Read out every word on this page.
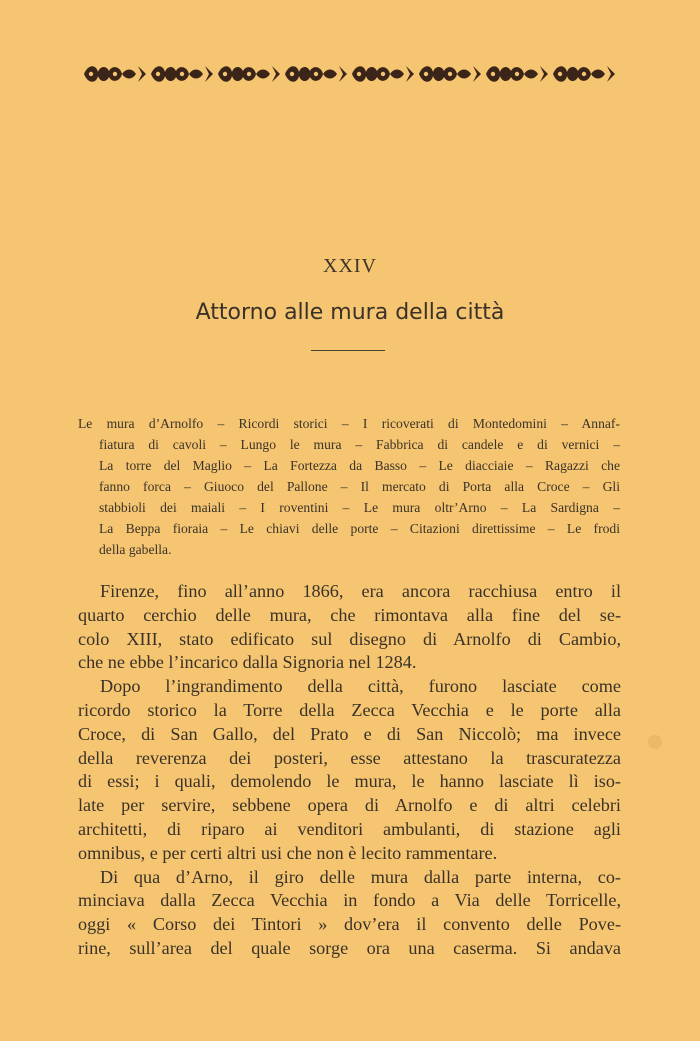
XXIV
Attorno alle mura della città
Le mura d’Arnolfo – Ricordi storici – I ricoverati di Montedomini – Annaf-
fiatura di cavoli – Lungo le mura – Fabbrica di candele e di vernici –
La torre del Maglio – La Fortezza da Basso – Le diacciaie – Ragazzi che
fanno forca – Giuoco del Pallone – Il mercato di Porta alla Croce – Gli
stabbioli dei maiali – I roventini – Le mura oltr’Arno – La Sardigna –
La Beppa fioraia – Le chiavi delle porte – Citazioni direttissime – Le frodi
della gabella.
Firenze, fino all’anno 1866, era ancora racchiusa entro il
quarto cerchio delle mura, che rimontava alla fine del se-
colo XIII, stato edificato sul disegno di Arnolfo di Cambio,
che ne ebbe l’incarico dalla Signoria nel 1284.
Dopo l’ingrandimento della città, furono lasciate come
ricordo storico la Torre della Zecca Vecchia e le porte alla
Croce, di San Gallo, del Prato e di San Niccolò; ma invece
della reverenza dei posteri, esse attestano la trascuratezza
di essi; i quali, demolendo le mura, le hanno lasciate lì iso-
late per servire, sebbene opera di Arnolfo e di altri celebri
architetti, di riparo ai venditori ambulanti, di stazione agli
omnibus, e per certi altri usi che non è lecito rammentare.
Di qua d’Arno, il giro delle mura dalla parte interna, co-
minciava dalla Zecca Vecchia in fondo a Via delle Torricelle,
oggi « Corso dei Tintori » dov’era il convento delle Pove-
rine, sull’area del quale sorge ora una caserma. Si andava
